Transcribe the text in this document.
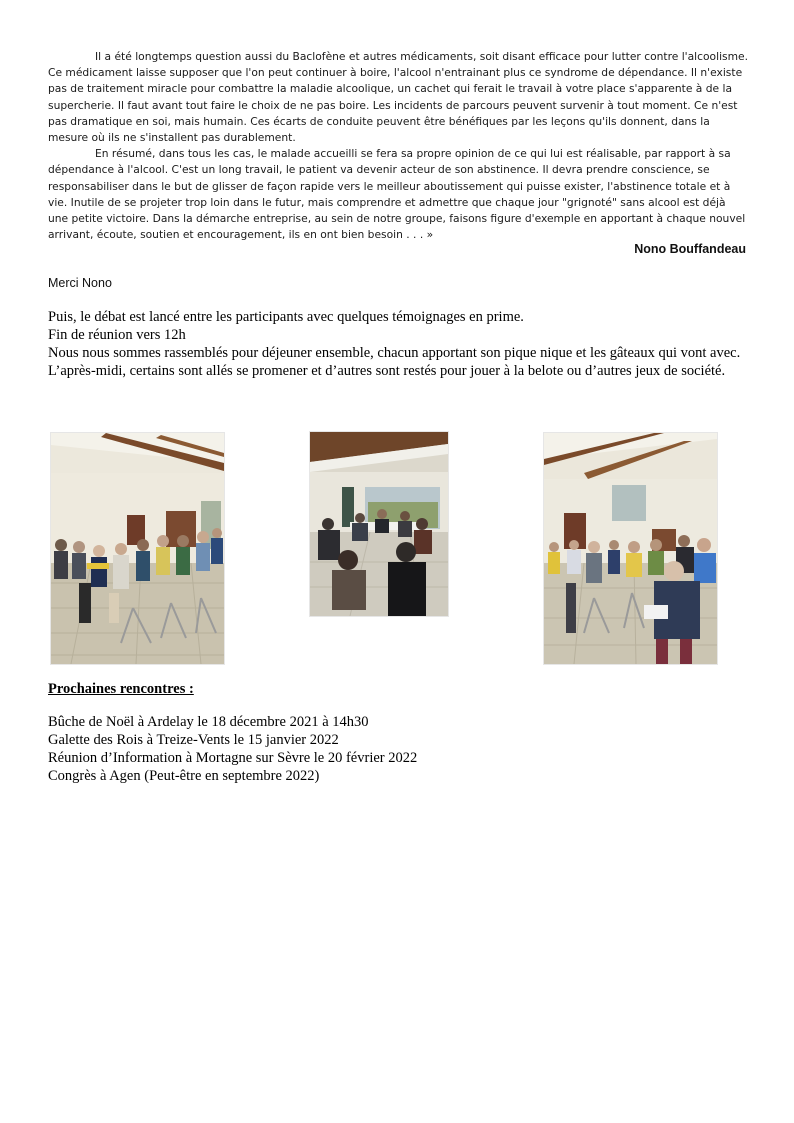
Il a été longtemps question aussi du Baclofène et autres médicaments, soit disant efficace pour lutter contre l'alcoolisme. Ce médicament laisse supposer que l'on peut continuer à boire, l'alcool n'entrainant plus ce syndrome de dépendance. Il n'existe pas de traitement miracle pour combattre la maladie alcoolique, un cachet qui ferait le travail à votre place s'apparente à de la supercherie. Il faut avant tout faire le choix de ne pas boire. Les incidents de parcours peuvent survenir à tout moment. Ce n'est pas dramatique en soi, mais humain. Ces écarts de conduite peuvent être bénéfiques par les leçons qu'ils donnent, dans la mesure où ils ne s'installent pas durablement.

En résumé, dans tous les cas, le malade accueilli se fera sa propre opinion de ce qui lui est réalisable, par rapport à sa dépendance à l'alcool. C'est un long travail, le patient va devenir acteur de son abstinence. Il devra prendre conscience, se responsabiliser dans le but de glisser de façon rapide vers le meilleur aboutissement qui puisse exister, l'abstinence totale et à vie. Inutile de se projeter trop loin dans le futur, mais comprendre et admettre que chaque jour "grignoté" sans alcool est déjà une petite victoire. Dans la démarche entreprise, au sein de notre groupe, faisons figure d'exemple en apportant à chaque nouvel arrivant, écoute, soutien et encouragement, ils en ont bien besoin . . . »

Nono Bouffandeau
Merci Nono
Puis, le débat est lancé entre les participants avec quelques témoignages en prime.
Fin de réunion vers 12h
Nous nous sommes rassemblés pour déjeuner ensemble, chacun apportant son pique nique et les gâteaux qui vont avec.
L’après-midi, certains sont allés se promener et d’autres sont restés pour jouer à la belote ou d’autres jeux de société.
Prochaines rencontres :
Bûche de Noël à Ardelay le 18 décembre 2021 à 14h30
Galette des Rois à Treize-Vents le 15 janvier 2022
Réunion d’Information à Mortagne sur Sèvre le 20 février 2022
Congrès à Agen (Peut-être en septembre 2022)
